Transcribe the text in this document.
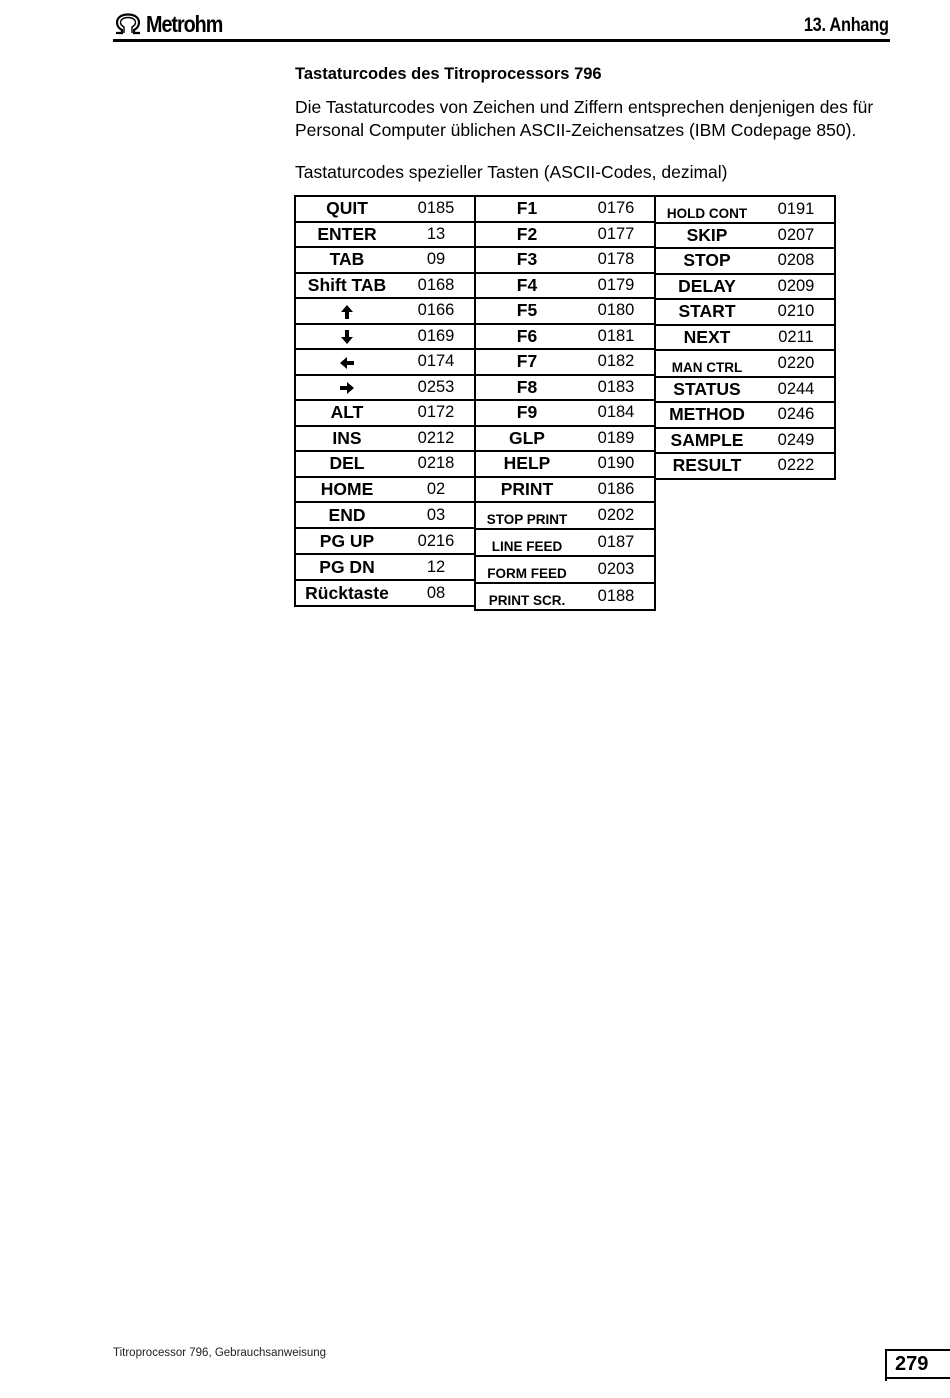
Metrohm	13. Anhang
Tastaturcodes des Titroprocessors 796
Die Tastaturcodes von Zeichen und Ziffern entsprechen denjenigen des für
Personal Computer üblichen ASCII-Zeichensatzes (IBM Codepage 850).
Tastaturcodes spezieller Tasten (ASCII-Codes, dezimal)
QUIT	0185
ENTER	13
TAB	09
Shift TAB	0168
	0166
	0169
	0174
	0253
ALT	0172
INS	0212
DEL	0218
HOME	02
END	03
PG UP	0216
PG DN	12
Rücktaste	08
F1	0176
F2	0177
F3	0178
F4	0179
F5	0180
F6	0181
F7	0182
F8	0183
F9	0184
GLP	0189
HELP	0190
PRINT	0186
STOP PRINT	0202
LINE FEED	0187
FORM FEED	0203
PRINT SCR.	0188
HOLD CONT	0191
SKIP	0207
STOP	0208
DELAY	0209
START	0210
NEXT	0211
MAN CTRL	0220
STATUS	0244
METHOD	0246
SAMPLE	0249
RESULT	0222
Titroprocessor 796, Gebrauchsanweisung	279
